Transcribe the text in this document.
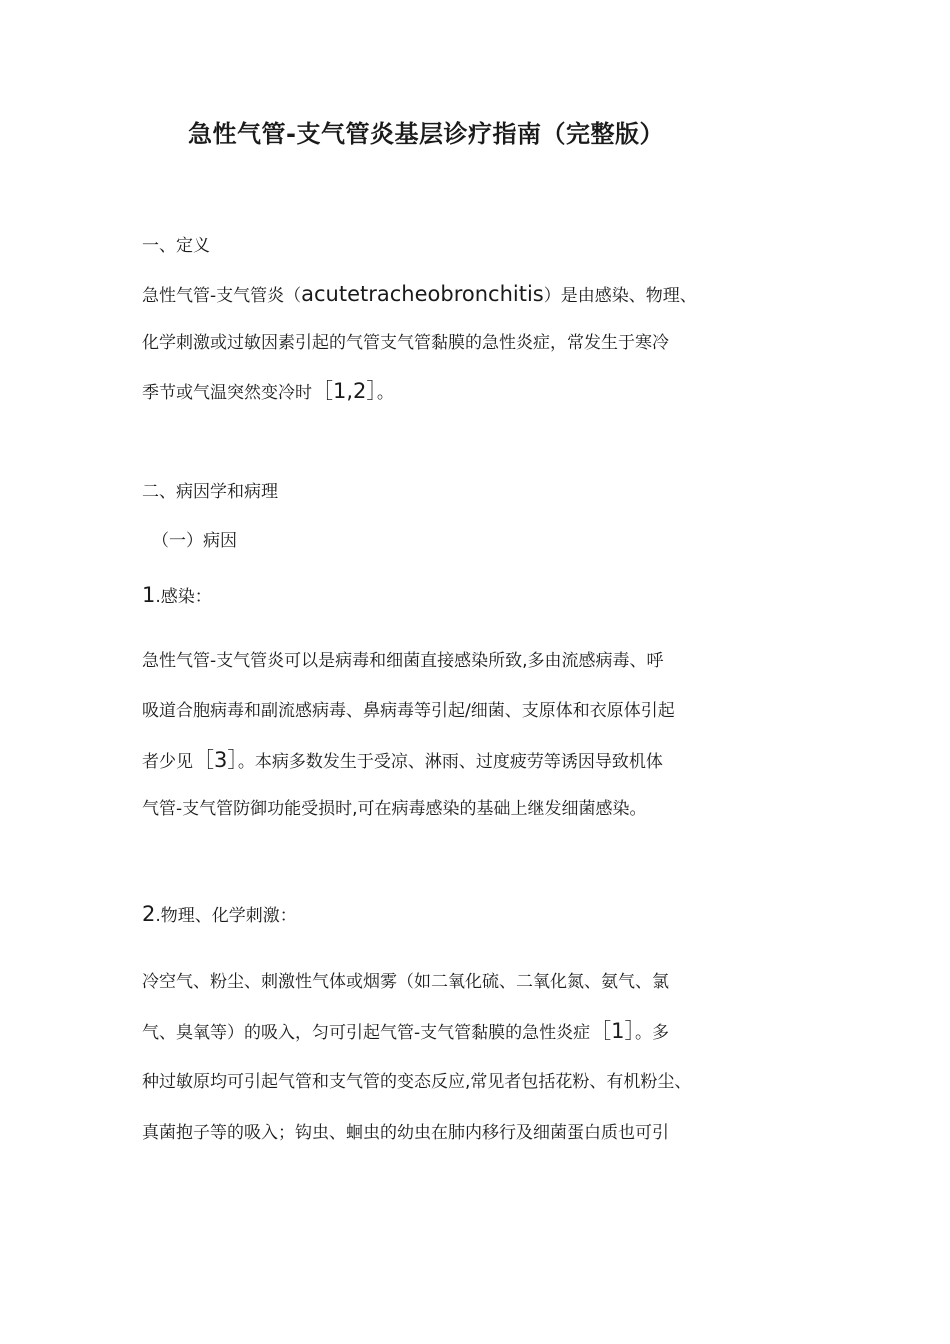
急性气管-支气管炎基层诊疗指南（完整版）
一、定义
急性气管-支气管炎（acutetracheobronchitis）是由感染、物理、
化学刺激或过敏因素引起的气管支气管黏膜的急性炎症，常发生于寒冷
季节或气温突然变冷时［1,2］。
二、病因学和病理
（一）病因
1.感染：
急性气管-支气管炎可以是病毒和细菌直接感染所致,多由流感病毒、呼
吸道合胞病毒和副流感病毒、鼻病毒等引起/细菌、支原体和衣原体引起
者少见［3］。本病多数发生于受凉、淋雨、过度疲劳等诱因导致机体
气管-支气管防御功能受损时,可在病毒感染的基础上继发细菌感染。
2.物理、化学刺激：
冷空气、粉尘、刺激性气体或烟雾（如二氧化硫、二氧化氮、氨气、氯
气、臭氧等）的吸入，匀可引起气管-支气管黏膜的急性炎症［1］。多
种过敏原均可引起气管和支气管的变态反应,常见者包括花粉、有机粉尘、
真菌抱子等的吸入；钩虫、蛔虫的幼虫在肺内移行及细菌蛋白质也可引
